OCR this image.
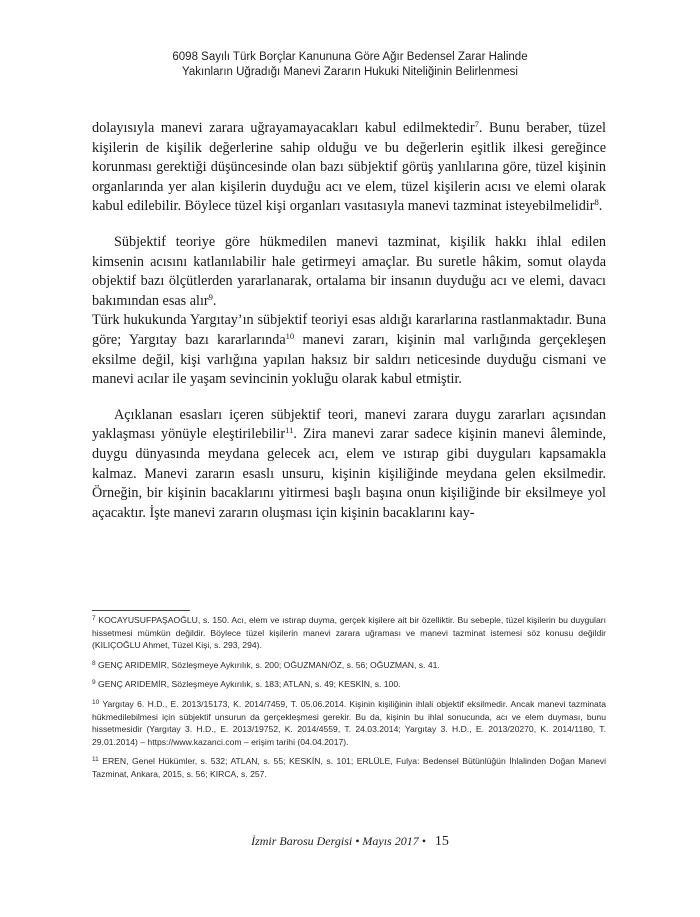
6098 Sayılı Türk Borçlar Kanununa Göre Ağır Bedensel Zarar Halinde
Yakınların Uğradığı Manevi Zararın Hukuki Niteliğinin Belirlenmesi

dolayısıyla manevi zarara uğrayamayacakları kabul edilmektedir$^7$. Bunu beraber, tüzel kişilerin de kişilik değerlerine sahip olduğu ve bu değerlerin eşitlik ilkesi gereğince korunması gerektiği düşüncesinde olan bazı sübjektif görüş yanlılarına göre, tüzel kişinin organlarında yer alan kişilerin duyduğu acı ve elem, tüzel kişilerin acısı ve elemi olarak kabul edilebilir. Böylece tüzel kişi organları vasıtasıyla manevi tazminat isteyebilmelidir$^8$.

Sübjektif teoriye göre hükmedilen manevi tazminat, kişilik hakkı ihlal edilen kimsenin acısını katlanılabilir hale getirmeyi amaçlar. Bu suretle hâkim, somut olayda objektif bazı ölçütlerden yararlanarak, ortalama bir insanın duyduğu acı ve elemi, davacı bakımından esas alır$^9$.

Türk hukukunda Yargıtay’ın sübjektif teoriyi esas aldığı kararlarına rastlanmaktadır. Buna göre; Yargıtay bazı kararlarında$^{10}$ manevi zararı, kişinin mal varlığında gerçekleşen eksilme değil, kişi varlığına yapılan haksız bir saldırı neticesinde duyduğu cismani ve manevi acılar ile yaşam sevincinin yokluğu olarak kabul etmiştir.

Açıklanan esasları içeren sübjektif teori, manevi zarara duygu zararları açısından yaklaşması yönüyle eleştirilebilir$^{11}$. Zira manevi zarar sadece kişinin manevi âleminde, duygu dünyasında meydana gelecek acı, elem ve ıstırap gibi duyguları kapsamakla kalmaz. Manevi zararın esaslı unsuru, kişinin kişiliğinde meydana gelen eksilmedir. Örneğin, bir kişinin bacaklarını yitirmesi başlı başına onun kişiliğinde bir eksilmeye yol açacaktır. İşte manevi zararın oluşması için kişinin bacaklarını kay-

$^7$ KOCAYUSUFPAŞAOĞLU, s. 150. Acı, elem ve ıstırap duyma, gerçek kişilere ait bir özelliktir. Bu sebeple, tüzel kişilerin bu duyguları hissetmesi mümkün değildir. Böylece tüzel kişilerin manevi zarara uğraması ve manevi tazminat istemesi söz konusu değildir (KILIÇOĞLU Ahmet, Tüzel Kişi, s. 293, 294).

$^8$ GENÇ ARIDEMİR, Sözleşmeye Aykırılık, s. 200; OĞUZMAN/ÖZ, s. 56; OĞUZMAN, s. 41.

$^9$ GENÇ ARIDEMİR, Sözleşmeye Aykırılık, s. 183; ATLAN, s. 49; KESKİN, s. 100.

$^{10}$ Yargıtay 6. H.D., E. 2013/15173, K. 2014/7459, T. 05.06.2014. Kişinin kişiliğinin ihlali objektif eksilmedir. Ancak manevi tazminata hükmedilebilmesi için sübjektif unsurun da gerçekleşmesi gerekir. Bu da, kişinin bu ihlal sonucunda, acı ve elem duyması, bunu hissetmesidir (Yargıtay 3. H.D., E. 2013/19752, K. 2014/4559, T. 24.03.2014; Yargıtay 3. H.D., E. 2013/20270, K. 2014/1180, T. 29.01.2014) – https://www.kazanci.com – erişim tarihi (04.04.2017).

$^{11}$ EREN, Genel Hükümler, s. 532; ATLAN, s. 55; KESKİN, s. 101; ERLÜLE, Fulya: Bedensel Bütünlüğün İhlalinden Doğan Manevi Tazminat, Ankara, 2015, s. 56; KIRCA, s. 257.

İzmir Barosu Dergisi • Mayıs 2017 • 15
